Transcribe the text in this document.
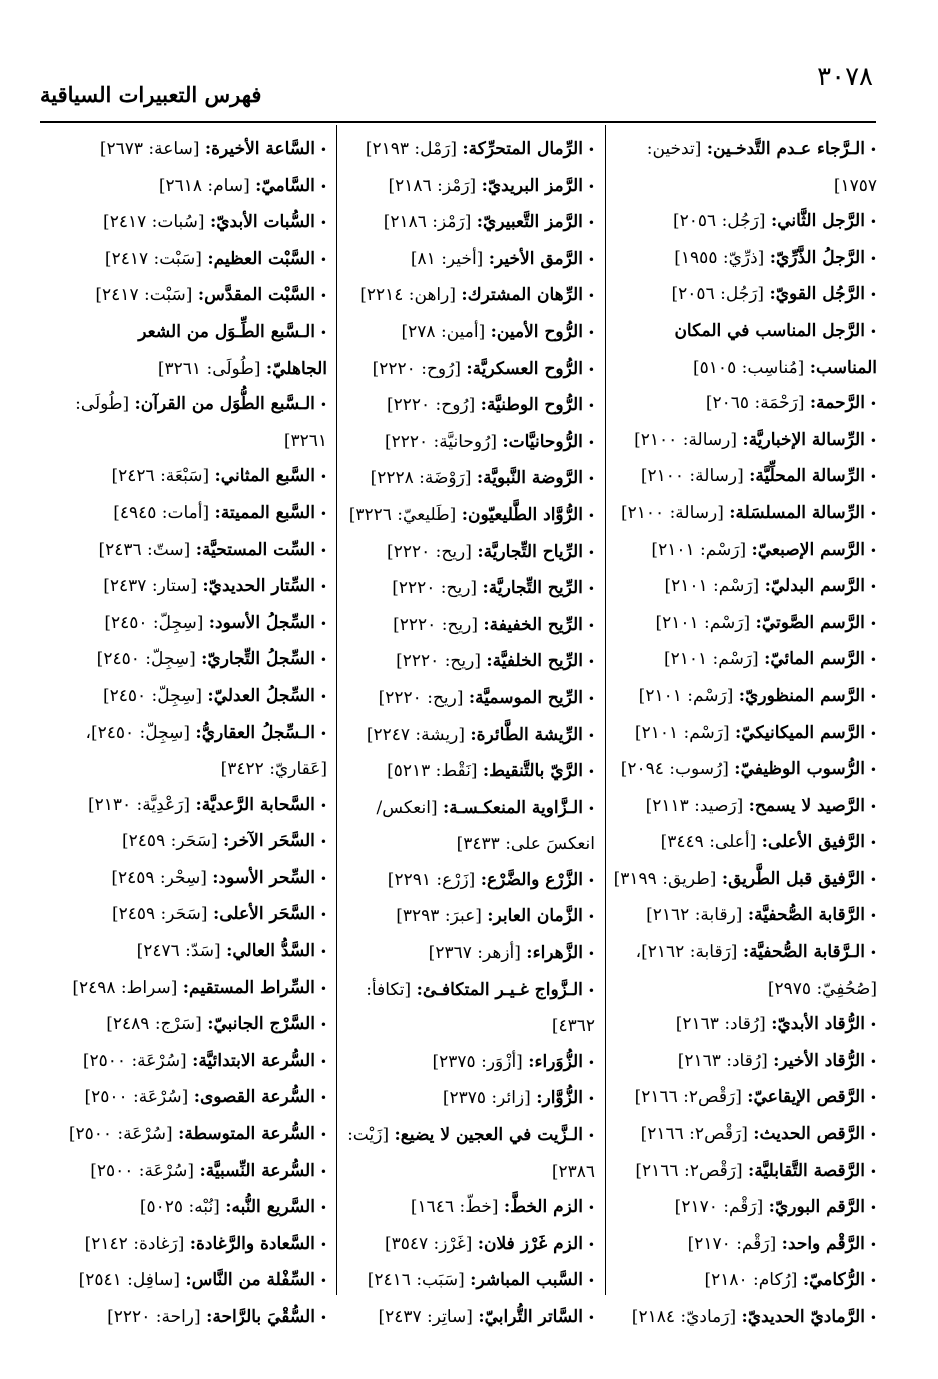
٣٠٧٨
فهرس التعبيرات السياقية
•الـرَّجاء عـدم التَّدخـين: [تدخين: ١٧٥٧]
•الرَّجل الثَّاني: [رَجُل: ٢٠٥٦]
•الرَّجلُ الذَّرِّيّ: [ذرِّيّ: ١٩٥٥]
•الرَّجُل القويّ: [رَجُل: ٢٠٥٦]
•الرَّجل المناسب في المكان المناسب: [مُناسِب: ٥١٠٥]
•الرَّحمة: [رَحْمَة: ٢٠٦٥]
•الرِّسالة الإخباريَّة: [رسالة: ٢١٠٠]
•الرِّسالة المحلِّيَّة: [رسالة: ٢١٠٠]
•الرِّسالة المسلسَلة: [رسالة: ٢١٠٠]
•الرَّسم الإصبعيّ: [رَسْم: ٢١٠١]
•الرَّسم البدليّ: [رَسْم: ٢١٠١]
•الرَّسم الصَّوتيّ: [رَسْم: ٢١٠١]
•الرَّسم المائيّ: [رَسْم: ٢١٠١]
•الرَّسم المنظوريّ: [رَسْم: ٢١٠١]
•الرَّسم الميكانيكيّ: [رَسْم: ٢١٠١]
•الرُّسوب الوظيفيّ: [رُسوب: ٢٠٩٤]
•الرَّصيد لا يسمح: [رَصيد: ٢١١٣]
•الرَّفيق الأعلى: [أعلى: ٣٤٤٩]
•الرَّفيق قبل الطَّريق: [طريق: ٣١٩٩]
•الرَّقابة الصُّحفيَّة: [رقابة: ٢١٦٢]
•الـرَّقابة الصُّحفيَّة: [رَقابة: ٢١٦٢]، [صُحُفِيّ: ٢٩٧٥]
•الرُّقاد الأبديّ: [رُقاد: ٢١٦٣]
•الرُّقاد الأخير: [رُقاد: ٢١٦٣]
•الرَّقص الإيقاعيّ: [رَقْص٢: ٢١٦٦]
•الرَّقص الحديث: [رَقْص٢: ٢١٦٦]
•الرَّقصة التَّقابليَّة: [رَقْص٢: ٢١٦٦]
•الرَّقم البوريّ: [رَقْم: ٢١٧٠]
•الرَّقْم واحد: [رَقْم: ٢١٧٠]
•الرُّكاميّ: [رُكام: ٢١٨٠]
•الرَّماديّ الحديديّ: [رَماديّ: ٢١٨٤]
•الرِّمال المتحرِّكة: [رَمْل: ٢١٩٣]
•الرَّمز البريديّ: [رَمْز: ٢١٨٦]
•الرَّمز التَّعبيريّ: [رَمْز: ٢١٨٦]
•الرَّمق الأخير: [أخير: ٨١]
•الرِّهان المشترك: [راهن: ٢٢١٤]
•الرُّوح الأمين: [أمين: ٢٧٨]
•الرُّوح العسكريَّة: [رُوح: ٢٢٢٠]
•الرُّوح الوطنيَّة: [رُوح: ٢٢٢٠]
•الرُّوحانيَّات: [رُوحانيَّة: ٢٢٢٠]
•الرَّوضة النَّبويَّة: [رَوْضَة: ٢٢٢٨]
•الرُّوَّاد الطَّليعيّون: [طَليعيّ: ٣٢٢٦]
•الرِّياح التِّجاريَّة: [ريح: ٢٢٢٠]
•الرِّيح التِّجاريَّة: [ريح: ٢٢٢٠]
•الرِّيح الخفيفة: [ريح: ٢٢٢٠]
•الرِّيح الخلفيَّة: [ريح: ٢٢٢٠]
•الرِّيح الموسميَّة: [ريح: ٢٢٢٠]
•الرِّيشة الطَّائرة: [ريشة: ٢٢٤٧]
•الرَّيّ بالتَّنقيط: [نَقْط: ٥٢١٣]
•الـزَّاوية المنعكـسـة: [انعكس/ انعكسَ على: ٣٤٣٣]
•الزَّرْع والضَّرْع: [زَرْع: ٢٢٩١]
•الزَّمان العابر: [عبرَ: ٣٢٩٣]
•الزَّهراء: [أزهر: ٢٣٦٧]
•الـزَّواج غـيـر المتكافـئ: [تكافأ: ٤٣٦٢]
•الزُّوَراء: [أزْوَر: ٢٣٧٥]
•الزُّوَّار: [زائر: ٢٣٧٥]
•الـزَّيت في العجين لا يضيع: [زَيْت: ٢٣٨٦]
•الزم الخطَّ: [خطّ: ١٦٤٦]
•الزم غَرْز فلان: [غَرْز: ٣٥٤٧]
•السَّبب المباشر: [سَبَب: ٢٤١٦]
•السَّاتر التُّرابيّ: [ساتِر: ٢٤٣٧]
•السَّاعة الأخيرة: [ساعة: ٢٦٧٣]
•السَّاميّ: [سام: ٢٦١٨]
•السُّبات الأبديّ: [سُبات: ٢٤١٧]
•السَّبْت العظيم: [سَبْت: ٢٤١٧]
•السَّبْت المقدَّس: [سَبْت: ٢٤١٧]
•الـسَّبع الطِّـوَل من الشعر الجاهليّ: [طُولَى: ٣٢٦١]
•الـسَّبع الطُّوَل من القرآن: [طُولَى: ٣٢٦١]
•السَّبع المثاني: [سَبْعَة: ٢٤٢٦]
•السَّبع المميتة: [أمات: ٤٩٤٥]
•السِّت المستحيَّة: [ستّ: ٢٤٣٦]
•السِّتار الحديديّ: [ستار: ٢٤٣٧]
•السِّجلُ الأسود: [سِجِلّ: ٢٤٥٠]
•السِّجلُ التِّجاريّ: [سِجِلّ: ٢٤٥٠]
•السِّجلُ العدليّ: [سِجِلّ: ٢٤٥٠]
•الـسِّجلُ العقاريُّ: [سِجِلّ: ٢٤٥٠]، [عَقاريّ: ٣٤٢٢]
•السَّحابة الرَّعديَّة: [رَعْدِيَّة: ٢١٣٠]
•السَّحَر الآخر: [سَحَر: ٢٤٥٩]
•السِّحر الأسود: [سِحْر: ٢٤٥٩]
•السَّحَر الأعلى: [سَحَر: ٢٤٥٩]
•السَّدُّ العالي: [سَدّ: ٢٤٧٦]
•السِّراط المستقيم: [سراط: ٢٤٩٨]
•السَّرْج الجانبيّ: [سَرْج: ٢٤٨٩]
•السُّرعة الابتدائيَّة: [سُرْعَة: ٢٥٠٠]
•السُّرعة القصوى: [سُرْعَة: ٢٥٠٠]
•السُّرعة المتوسطة: [سُرْعَة: ٢٥٠٠]
•السُّرعة النِّسبيَّة: [سُرْعَة: ٢٥٠٠]
•السَّريع النُّبه: [نُبْه: ٥٠٢٥]
•السَّعادة والرَّغادة: [رَغادة: ٢١٤٢]
•السِّفْلة من النَّاس: [سافِل: ٢٥٤١]
•السُّقْيَ بالرَّاحة: [راحة: ٢٢٢٠]
